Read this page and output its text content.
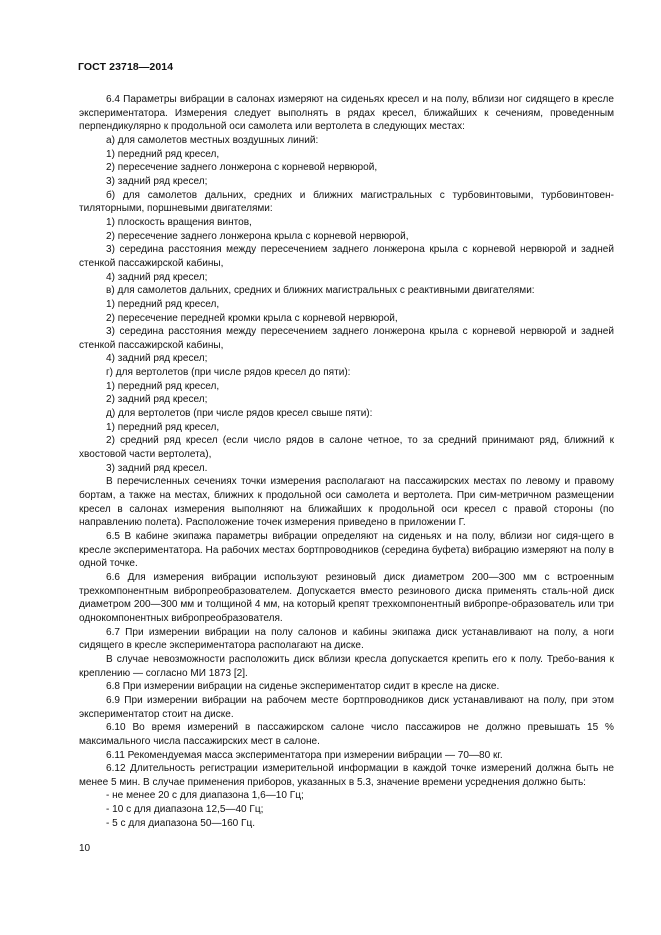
ГОСТ 23718—2014

6.4 Параметры вибрации в салонах измеряют на сиденьях кресел и на полу, вблизи ног сидящего в кресле экспериментатора. Измерения следует выполнять в рядах кресел, ближайших к сечениям, проведенным перпендикулярно к продольной оси самолета или вертолета в следующих местах:

а) для самолетов местных воздушных линий:

1) передний ряд кресел,

2) пересечение заднего лонжерона с корневой нервюрой,

3) задний ряд кресел;

б) для самолетов дальних, средних и ближних магистральных с турбовинтовыми, турбовинтовен-тиляторными, поршневыми двигателями:

1) плоскость вращения винтов,

2) пересечение заднего лонжерона крыла с корневой нервюрой,

3) середина расстояния между пересечением заднего лонжерона крыла с корневой нервюрой и задней стенкой пассажирской кабины,

4) задний ряд кресел;

в) для самолетов дальних, средних и ближних магистральных с реактивными двигателями:

1) передний ряд кресел,

2) пересечение передней кромки крыла с корневой нервюрой,

3) середина расстояния между пересечением заднего лонжерона крыла с корневой нервюрой и задней стенкой пассажирской кабины,

4) задний ряд кресел;

г) для вертолетов (при числе рядов кресел до пяти):

1) передний ряд кресел,

2) задний ряд кресел;

д) для вертолетов (при числе рядов кресел свыше пяти):

1) передний ряд кресел,

2) средний ряд кресел (если число рядов в салоне четное, то за средний принимают ряд, ближний к хвостовой части вертолета),

3) задний ряд кресел.

В перечисленных сечениях точки измерения располагают на пассажирских местах по левому и правому бортам, а также на местах, ближних к продольной оси самолета и вертолета. При сим-метричном размещении кресел в салонах измерения выполняют на ближайших к продольной оси кресел с правой стороны (по направлению полета). Расположение точек измерения приведено в приложении Г.

6.5 В кабине экипажа параметры вибрации определяют на сиденьях и на полу, вблизи ног сидя-щего в кресле экспериментатора. На рабочих местах бортпроводников (середина буфета) вибрацию измеряют на полу в одной точке.

6.6 Для измерения вибрации используют резиновый диск диаметром 200—300 мм с встроенным трехкомпонентным вибропреобразователем. Допускается вместо резинового диска применять сталь-ной диск диаметром 200—300 мм и толщиной 4 мм, на который крепят трехкомпонентный вибропре-образователь или три однокомпонентных вибропреобразователя.

6.7 При измерении вибрации на полу салонов и кабины экипажа диск устанавливают на полу, а ноги сидящего в кресле экспериментатора располагают на диске.

В случае невозможности расположить диск вблизи кресла допускается крепить его к полу. Требо-вания к креплению — согласно МИ 1873 [2].

6.8 При измерении вибрации на сиденье экспериментатор сидит в кресле на диске.

6.9 При измерении вибрации на рабочем месте бортпроводников диск устанавливают на полу, при этом экспериментатор стоит на диске.

6.10 Во время измерений в пассажирском салоне число пассажиров не должно превышать 15 % максимального числа пассажирских мест в салоне.

6.11 Рекомендуемая масса экспериментатора при измерении вибрации — 70—80 кг.

6.12 Длительность регистрации измерительной информации в каждой точке измерений должна быть не менее 5 мин. В случае применения приборов, указанных в 5.3, значение времени усреднения должно быть:

- не менее 20 с для диапазона 1,6—10 Гц;

- 10 с для диапазона 12,5—40 Гц;

- 5 с для диапазона 50—160 Гц.

10
